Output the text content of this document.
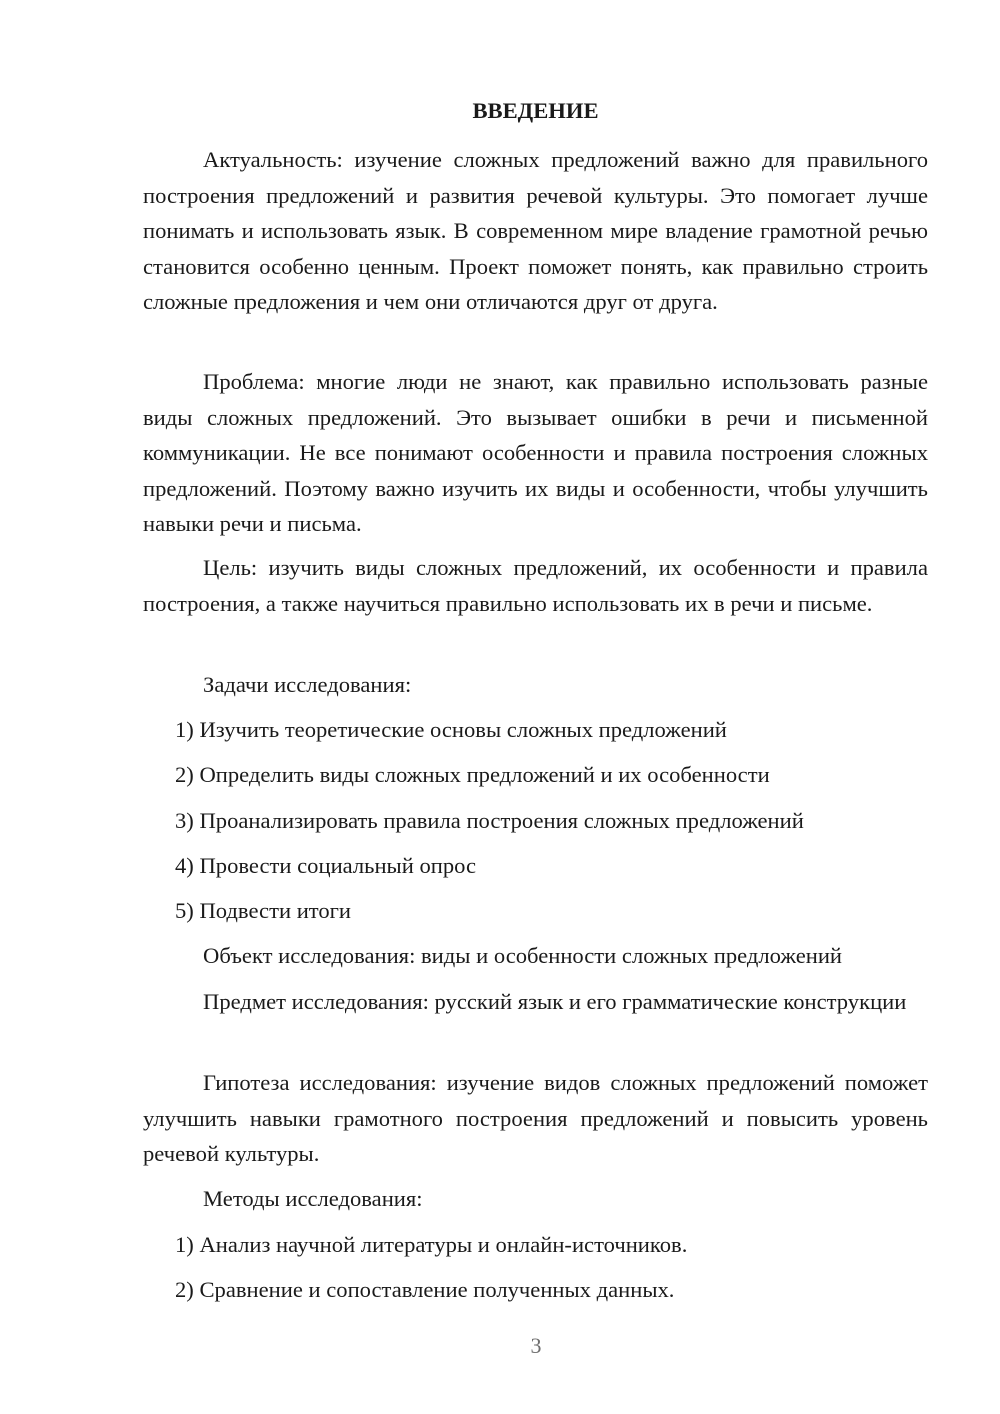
ВВЕДЕНИЕ

Актуальность: изучение сложных предложений важно для правильного построения предложений и развития речевой культуры. Это помогает лучше понимать и использовать язык. В современном мире владение грамотной речью становится особенно ценным. Проект поможет понять, как правильно строить сложные предложения и чем они отличаются друг от друга.

Проблема: многие люди не знают, как правильно использовать разные виды сложных предложений. Это вызывает ошибки в речи и письменной коммуникации. Не все понимают особенности и правила построения сложных предложений. Поэтому важно изучить их виды и особенности, чтобы улучшить навыки речи и письма.

Цель: изучить виды сложных предложений, их особенности и правила построения, а также научиться правильно использовать их в речи и письме.

Задачи исследования:
1) Изучить теоретические основы сложных предложений
2) Определить виды сложных предложений и их особенности
3) Проанализировать правила построения сложных предложений
4) Провести социальный опрос
5) Подвести итоги
Объект исследования: виды и особенности сложных предложений

Предмет исследования: русский язык и его грамматические конструкции

Гипотеза исследования: изучение видов сложных предложений поможет улучшить навыки грамотного построения предложений и повысить уровень речевой культуры.

Методы исследования:
1) Анализ научной литературы и онлайн-источников.
2) Сравнение и сопоставление полученных данных.
3
